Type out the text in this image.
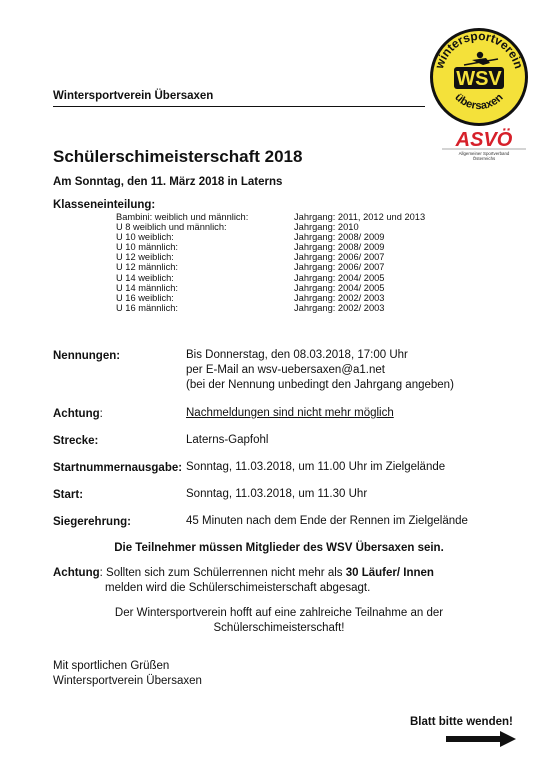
Wintersportverein Übersaxen
wintersportverein
WSV
übersaxen
ASVÖ
Allgemeiner Sportverband
Österreichs
Schülerschimeisterschaft 2018
Am Sonntag, den 11. März 2018 in Laterns
Klasseneinteilung:
Bambini: weiblich und männlich:	Jahrgang: 2011, 2012 und 2013
U 8 weiblich und männlich:	Jahrgang: 2010
U 10 weiblich:	Jahrgang: 2008/ 2009
U 10 männlich:	Jahrgang: 2008/ 2009
U 12 weiblich:	Jahrgang: 2006/ 2007
U 12 männlich:	Jahrgang: 2006/ 2007
U 14 weiblich:	Jahrgang: 2004/ 2005
U 14 männlich:	Jahrgang: 2004/ 2005
U 16 weiblich:	Jahrgang: 2002/ 2003
U 16 männlich:	Jahrgang: 2002/ 2003
Nennungen:	Bis Donnerstag, den 08.03.2018, 17:00 Uhr
per E-Mail an wsv-uebersaxen@a1.net
(bei der Nennung unbedingt den Jahrgang angeben)
Achtung:	Nachmeldungen sind nicht mehr möglich
Strecke:	Laterns-Gapfohl
Startnummernausgabe: Sonntag, 11.03.2018, um 11.00 Uhr im Zielgelände
Start:	Sonntag, 11.03.2018, um 11.30 Uhr
Siegerehrung:	45 Minuten nach dem Ende der Rennen im Zielgelände
Die Teilnehmer müssen Mitglieder des WSV Übersaxen sein.
Achtung: Sollten sich zum Schülerrennen nicht mehr als 30 Läufer/ Innen
melden wird die Schülerschimeisterschaft abgesagt.
Der Wintersportverein hofft auf eine zahlreiche Teilnahme an der
Schülerschimeisterschaft!
Mit sportlichen Grüßen
Wintersportverein Übersaxen
Blatt bitte wenden!
